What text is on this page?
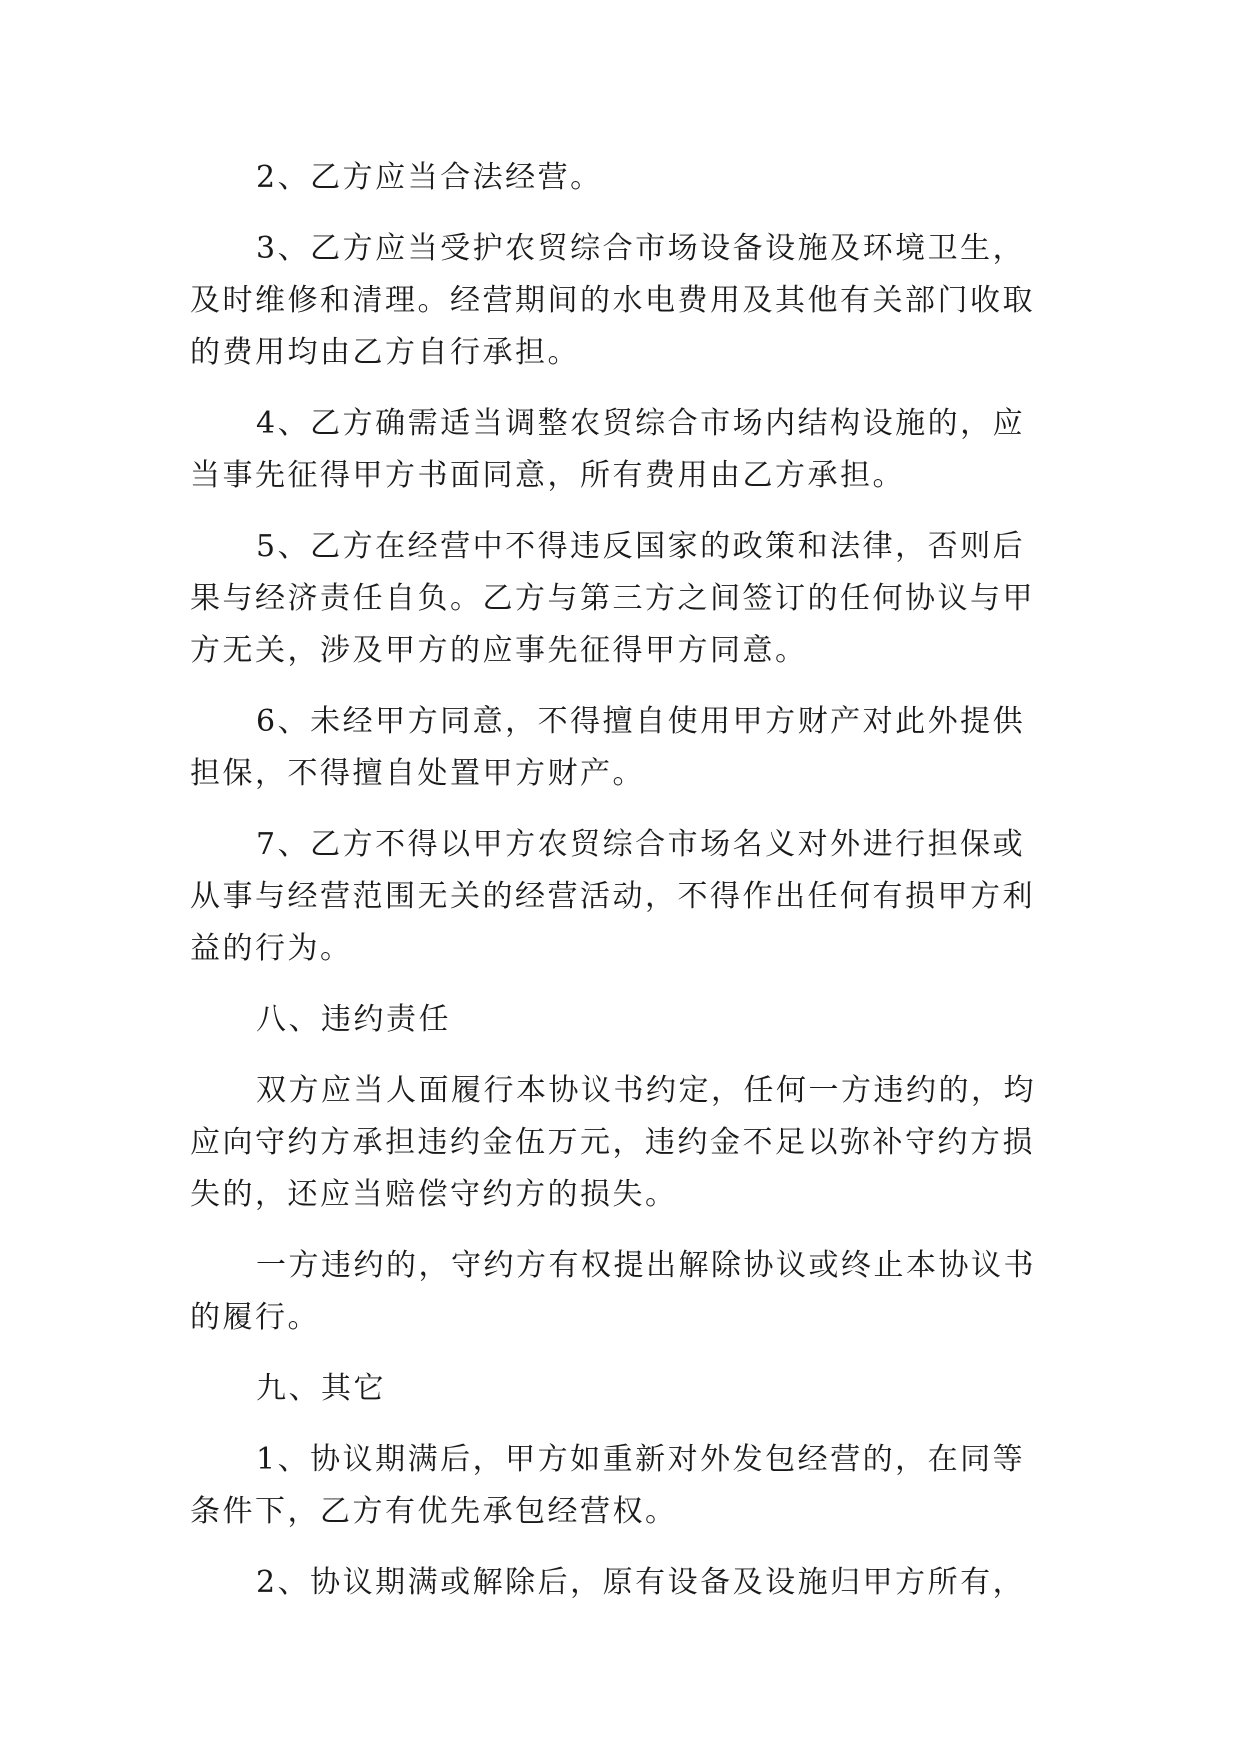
2、乙方应当合法经营。

3、乙方应当受护农贸综合市场设备设施及环境卫生，
及时维修和清理。经营期间的水电费用及其他有关部门收取
的费用均由乙方自行承担。

4、乙方确需适当调整农贸综合市场内结构设施的，应
当事先征得甲方书面同意，所有费用由乙方承担。

5、乙方在经营中不得违反国家的政策和法律，否则后
果与经济责任自负。乙方与第三方之间签订的任何协议与甲
方无关，涉及甲方的应事先征得甲方同意。

6、未经甲方同意，不得擅自使用甲方财产对此外提供
担保，不得擅自处置甲方财产。

7、乙方不得以甲方农贸综合市场名义对外进行担保或
从事与经营范围无关的经营活动，不得作出任何有损甲方利
益的行为。

八、违约责任

双方应当人面履行本协议书约定，任何一方违约的，均
应向守约方承担违约金伍万元，违约金不足以弥补守约方损
失的，还应当赔偿守约方的损失。

一方违约的，守约方有权提出解除协议或终止本协议书
的履行。

九、其它

1、协议期满后，甲方如重新对外发包经营的，在同等
条件下，乙方有优先承包经营权。

2、协议期满或解除后，原有设备及设施归甲方所有，
